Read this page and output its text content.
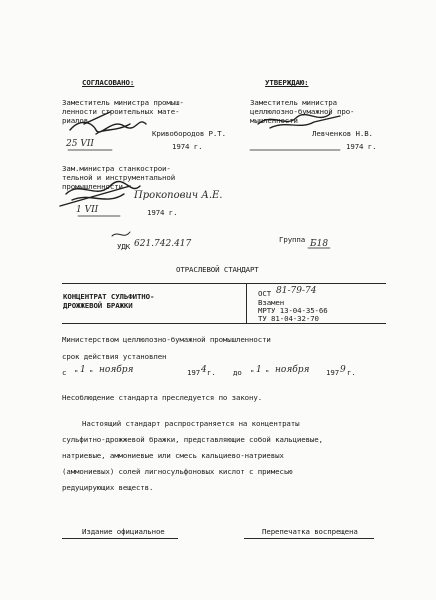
СОГЛАСОВАНО:
Заместитель министра промыш-
ленности строительных мате-
риалов
Кривобородов Р.Т.
25 VII	1974 г.
Зам.министра станкострои-
тельной и инструментальной
промышленности
Прокопович А.Е.
1 VII	1974 г.
УТВЕРЖДАЮ:
Заместитель министра
целлюлозно-бумажной про-
мышленности
Левченков Н.В.
1974 г.
УДК 621.742.417	Группа Б18
ОТРАСЛЕВОЙ СТАНДАРТ
КОНЦЕНТРАТ СУЛЬФИТНО-
ДРОЖЖЕВОЙ БРАЖКИ
ОСТ 81-79-74
Взамен
МРТУ 13-04-35-66
ТУ 81-04-32-70
Министерством целлюлозно-бумажной промышленности
срок действия установлен
с " 1 " ноября	197 4 г. до " 1 " ноября 197 9 г.
Несоблюдение стандарта преследуется по закону.
Настоящий стандарт распространяется на концентраты
сульфитно-дрожжевой бражки, представляющие собой кальциевые,
натриевые, аммониевые или смесь кальциево-натриевых
(аммониевых) солей лигносульфоновых кислот с примесью
редуцирующих веществ.
Издание официальное	Перепечатка воспрещена
